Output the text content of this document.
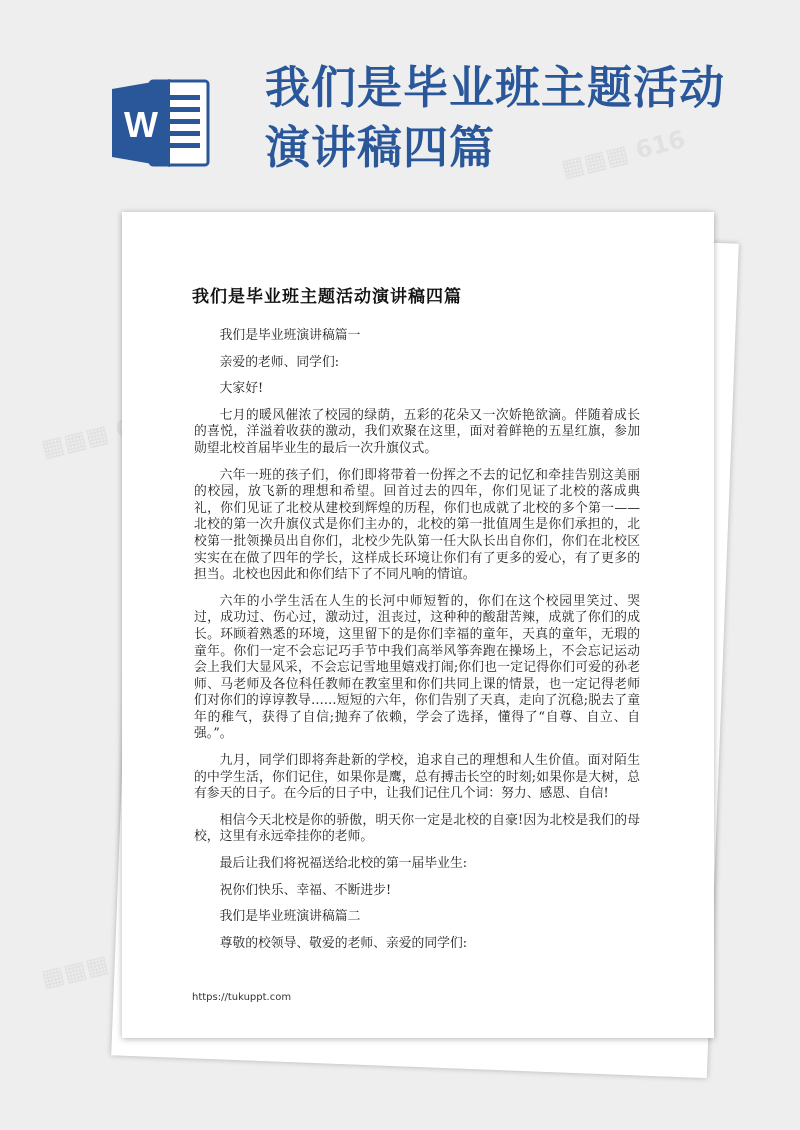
W
我们是毕业班主题活动演讲稿四篇	▦▦▦ 616
▦▦▦ 616
▦▦▦ 616
我们是毕业班主题活动演讲稿四篇

我们是毕业班演讲稿篇一

亲爱的老师、同学们:

大家好!

七月的暖风催浓了校园的绿荫，五彩的花朵又一次娇艳欲滴。伴随着成长的喜悦，洋溢着收获的激动，我们欢聚在这里，面对着鲜艳的五星红旗，参加勋望北校首届毕业生的最后一次升旗仪式。

六年一班的孩子们，你们即将带着一份挥之不去的记忆和牵挂告别这美丽的校园，放飞新的理想和希望。回首过去的四年，你们见证了北校的落成典礼，你们见证了北校从建校到辉煌的历程，你们也成就了北校的多个第一——北校的第一次升旗仪式是你们主办的，北校的第一批值周生是你们承担的，北校第一批领操员出自你们，北校少先队第一任大队长出自你们，你们在北校区实实在在做了四年的学长，这样成长环境让你们有了更多的爱心，有了更多的担当。北校也因此和你们结下了不同凡响的情谊。

六年的小学生活在人生的长河中师短暂的，你们在这个校园里笑过、哭过，成功过、伤心过，激动过，沮丧过，这种种的酸甜苦辣，成就了你们的成长。环顾着熟悉的环境，这里留下的是你们幸福的童年，天真的童年，无瑕的童年。你们一定不会忘记巧手节中我们高举风筝奔跑在操场上，不会忘记运动会上我们大显风采，不会忘记雪地里嬉戏打闹;你们也一定记得你们可爱的孙老师、马老师及各位科任教师在教室里和你们共同上课的情景，也一定记得老师们对你们的谆谆教导……短短的六年，你们告别了天真，走向了沉稳;脱去了童年的稚气，获得了自信;抛弃了依赖，学会了选择，懂得了“自尊、自立、自强。”。

九月，同学们即将奔赴新的学校，追求自己的理想和人生价值。面对陌生的中学生活，你们记住，如果你是鹰，总有搏击长空的时刻;如果你是大树，总有参天的日子。在今后的日子中，让我们记住几个词：努力、感恩、自信!

相信今天北校是你的骄傲，明天你一定是北校的自豪!因为北校是我们的母校，这里有永远牵挂你的老师。

最后让我们将祝福送给北校的第一届毕业生:

祝你们快乐、幸福、不断进步!

我们是毕业班演讲稿篇二

尊敬的校领导、敬爱的老师、亲爱的同学们:

https://tukuppt.com
